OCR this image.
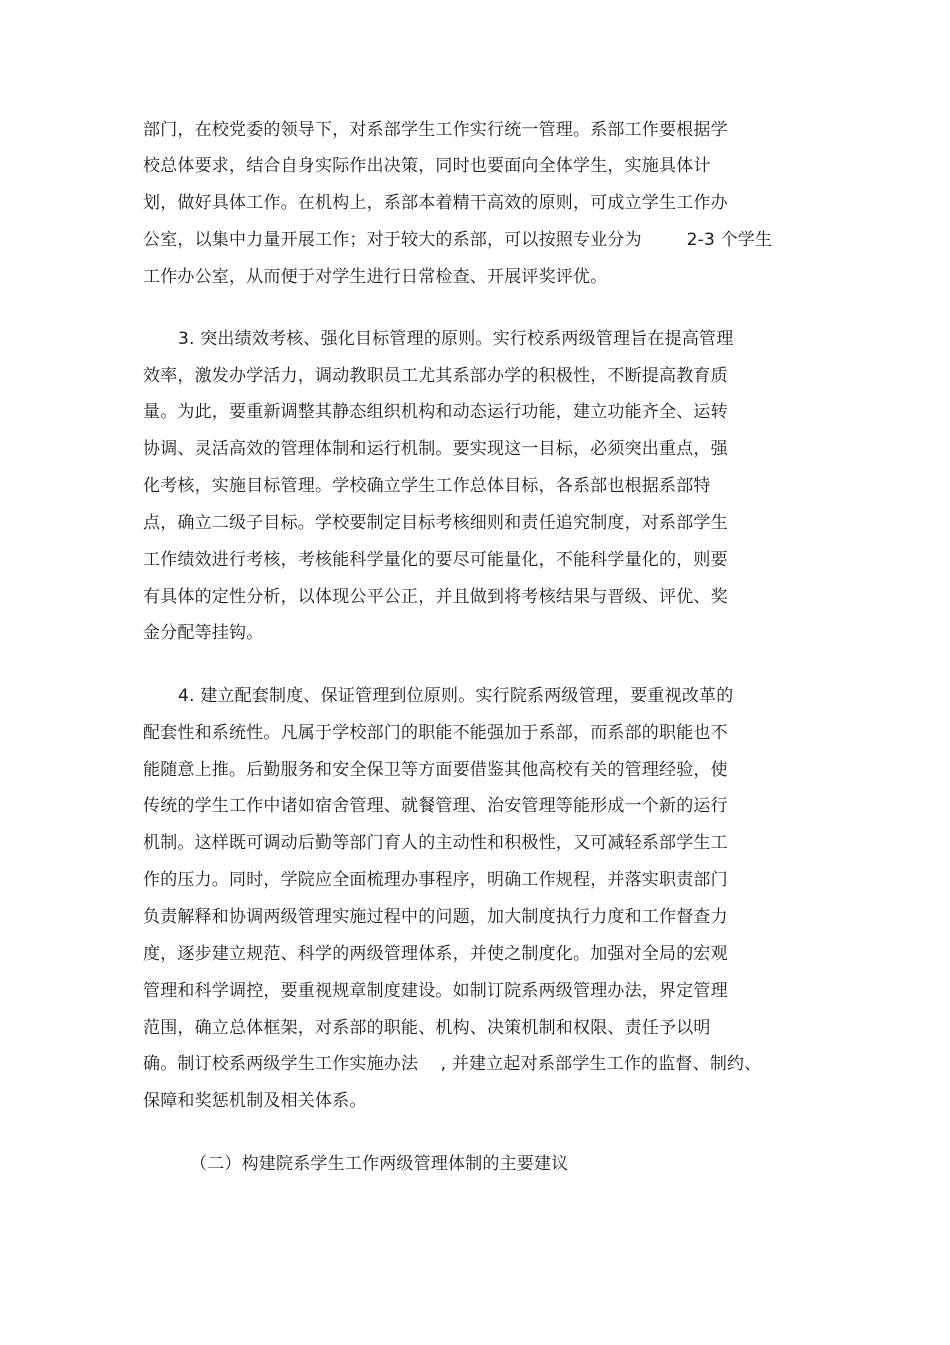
部门，在校党委的领导下，对系部学生工作实行统一管理。系部工作要根据学
校总体要求，结合自身实际作出决策，同时也要面向全体学生，实施具体计
划，做好具体工作。在机构上，系部本着精干高效的原则，可成立学生工作办
公室，以集中力量开展工作；对于较大的系部，可以按照专业分为        2-3 个学生
工作办公室，从而便于对学生进行日常检查、开展评奖评优。
3. 突出绩效考核、强化目标管理的原则。实行校系两级管理旨在提高管理
效率，激发办学活力，调动教职员工尤其系部办学的积极性，不断提高教育质
量。为此，要重新调整其静态组织机构和动态运行功能，建立功能齐全、运转
协调、灵活高效的管理体制和运行机制。要实现这一目标，必须突出重点，强
化考核，实施目标管理。学校确立学生工作总体目标，各系部也根据系部特
点，确立二级子目标。学校要制定目标考核细则和责任追究制度，对系部学生
工作绩效进行考核，考核能科学量化的要尽可能量化，不能科学量化的，则要
有具体的定性分析，以体现公平公正，并且做到将考核结果与晋级、评优、奖
金分配等挂钩。
4. 建立配套制度、保证管理到位原则。实行院系两级管理，要重视改革的
配套性和系统性。凡属于学校部门的职能不能强加于系部，而系部的职能也不
能随意上推。后勤服务和安全保卫等方面要借鉴其他高校有关的管理经验，使
传统的学生工作中诸如宿舍管理、就餐管理、治安管理等能形成一个新的运行
机制。这样既可调动后勤等部门育人的主动性和积极性，又可减轻系部学生工
作的压力。同时，学院应全面梳理办事程序，明确工作规程，并落实职责部门
负责解释和协调两级管理实施过程中的问题，加大制度执行力度和工作督查力
度，逐步建立规范、科学的两级管理体系，并使之制度化。加强对全局的宏观
管理和科学调控，要重视规章制度建设。如制订院系两级管理办法，界定管理
范围，确立总体框架，对系部的职能、机构、决策机制和权限、责任予以明
确。制订校系两级学生工作实施办法    , 并建立起对系部学生工作的监督、制约、
保障和奖惩机制及相关体系。
（二）构建院系学生工作两级管理体制的主要建议
